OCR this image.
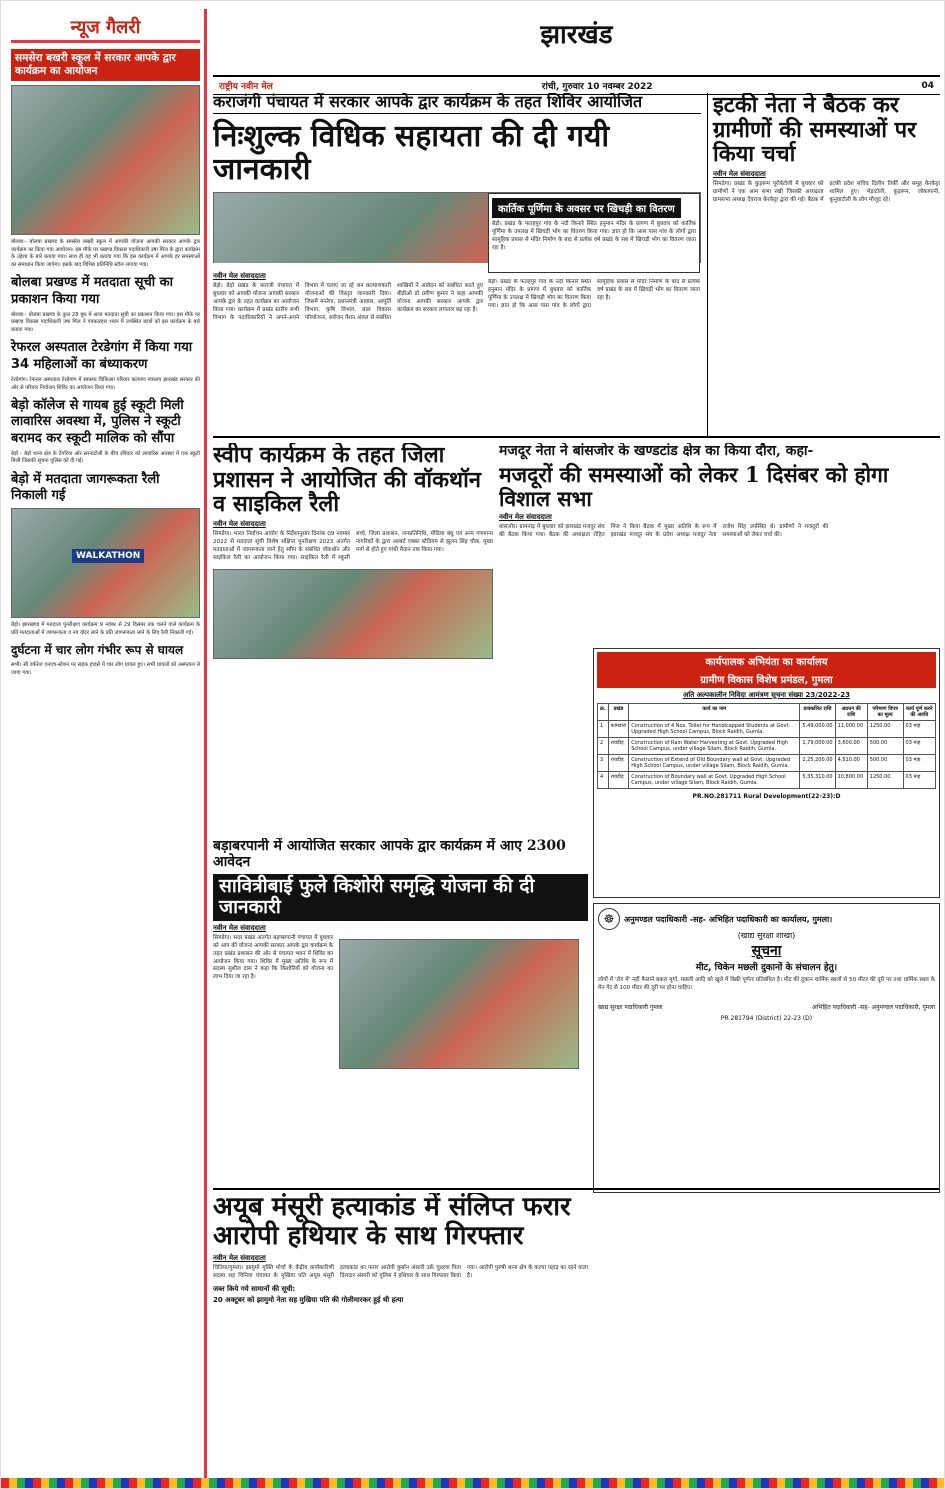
न्यूज गैलरी
समसेरा बखरी स्कूल में सरकार आपके द्वार कार्यक्रम का आयोजन
बोलबा:- बोलबा प्रखण्ड के समसेरा बखरी स्कूल में आपकी योजना आपकी सरकार आपके द्वार कार्यक्रम का किया गया आयोजन। इस मौके पर प्रखण्ड विकास पदाधिकारी उषा मिंज के द्वारा कार्यक्रम के उद्देश्य के बारे बताया गया। साथ ही यह भी बताया गया कि इस कार्यक्रम में आपके हर समस्याओं का समाधान किया जायेगा। इसके बाद विभिन्न प्रतिनिधि स्टॉल लगाया गया।
बोलबा प्रखण्ड में मतदाता सूची का प्रकाशन किया गया
बोलबा:- बोलबा प्रखण्ड के कुल 28 बूथ में आज मतदाता सूची का प्रकाशन किया गया। इस मौके पर प्रखण्ड विकास पदाधिकारी उषा मिंज ने पत्रकारहार भवन में उपस्थित छात्रों को इस कार्यक्रम के बारे बताया गया।
रेफरल अस्पताल टेरडेगांग में किया गया 34 महिलाओं का बंध्याकरण
टेरडेगांग। रेफरल अस्पताल टेरडेगांग में स्वास्थ्य चिकित्सा परिवार कल्याण मंत्रालय झारखंड सरकार की ओर से परिवार नियोजन शिविर का आयोजन किया गया।
बेड़ो कॉलेज से गायब हुई स्कूटी मिली लावारिस अवस्था में, पुलिस ने स्कूटी बरामद कर स्कूटी मालिक को सौंपा
बेड़ो - बेड़ो थाना क्षेत्र के टेंगरिया ओर सरनाटोली के बीच रविवार को लावारिस अवस्था में एक स्कूटी मिली जिसकी सूचना पुलिस को दी गई।
बेड़ो में मतदाता जागरूकता रैली निकाली गई
WALKATHON
बेड़ो। झारखण्ड में मतदाता पुनरीक्षण कार्यक्रम 9 नवंबर से 29 दिसंबर तक चलने वाले कार्यक्रम के प्रति मतदाताओं में जागरूकता व नव वोटर लाने के प्रति जागरूकता लाने के लिए रैली निकाली गई।
दुर्घटना में चार लोग गंभीर रूप से घायल
सभी। सी वर्करेज एनएच-स्टेशन पर सड़क हादसे में चार लोग घायल हुए। सभी घायलों को अस्पताल ले जाया गया।
झारखंड
राष्ट्रीय नवीन मेल	रांची, गुरुवार 10 नवम्बर 2022	04
कराजंगी पंचायत में सरकार आपके द्वार कार्यक्रम के तहत शिविर आयोजित
निःशुल्क विधिक सहायता की दी गयी जानकारी
कार्तिक पूर्णिमा के अवसर पर खिचड़ी का वितरण
बेड़ो। प्रखंड के फतहपुर गांव के नदी किनारे स्थित हनुमान मंदिर के प्रांगण में बुधवार को कार्तिक पूर्णिमा के उपलक्ष में खिचड़ी भोग का वितरण किया गया। ज्ञात हो कि आस पास गांव के लोगों द्वारा सामूहिक प्रयास से मंदिर निर्माण के बाद से प्रत्येक वर्ष प्रखंड के सब में खिचड़ी भोग का वितरण जाता रहा है।
नवीन मेल संवाददाता
बेड़ो। बेड़ो प्रखंड के कराजी पंचायत में बुधवार को आपकी योजना आपकी सरकार आपके द्वार के तहत कार्यक्रम का आयोजन किया गया। कार्यक्रम में प्रखंड स्तरीय सभी विभाग के पदाधिकारियों ने अपने-अपने विभाग में चलाए जा रहे जन कल्याणकारी योजनाओं की विस्तृत जानकारी दिया। जिसमें मनरेगा, प्रधानमंत्री आवास, आपूर्ति विभाग, कृषि विभाग, बाल विकास परियोजना, सर्वजन पेंशन अंचल से संबंधित शाखियों ने आवेदन को संबंधित करते हुए बीडीओ डॉ प्रवीण कुमार ने कहा आपकी योजना आपकी सरकार आपके द्वार कार्यक्रम का सरकार लगातार बढ़ रहा है।
बेड़ो। प्रखंड के फतहपुर गांव के नदी किनारे स्थित हनुमान मंदिर के प्रांगण में बुधवार को कार्तिक पूर्णिमा के उपलक्ष में खिचड़ी भोग का वितरण किया गया। ज्ञात हो कि आस पास गांव के लोगों द्वारा सामूहिक प्रयास से मंदिर निर्माण के बाद से प्रत्येक वर्ष प्रखंड के सब में खिचड़ी भोग का वितरण जाता रहा है।
इटकी नेता ने बैठक कर ग्रामीणों की समस्याओं पर किया चर्चा
नवीन मेल संवाददाता
सिमडेगा। प्रखंड के कुड़रूम पूरोबेटोली में बुधवार को ग्रामीणों ने एक आम सभा रखी जिसकी अध्यक्षता ग्रामसभा अध्यक्ष देवराज केरकेट्टा द्वारा की गई। बैठक में इटकी प्रदेश सचिव दिलीप तिर्की और समूह केरकेट्टा शामिल हुए। भेड़ाटोली, कुड़रूम, जोकापानी, कुनुवाटोली के लोग मौजूद रहे।
स्वीप कार्यक्रम के तहत जिला प्रशासन ने आयोजित की वॉकथॉन व साइकिल रैली
नवीन मेल संवाददाता
सिमडेगा। भारत निर्वाचन आयोग के निर्देशानुसार दिनांक 09 नवम्बर 2022 से मतदाता सूची विशेष संक्षिप्त पुनरीक्षण 2023 अंतर्गत मतदाताओं में जागरूकता लाने हेतु स्वीप के संबंधित वॉकथॉन और साइकिल रैली का आयोजन किया गया। साइकिल रैली में स्कूली बच्चे, जिला प्रशासन, जनप्रतिनिधि, मीडिया बंधु एवं अन्य गणमान्य नागरिकों के द्वारा अल्बर्ट एक्का स्टेडियम से झूलन सिंह चौक, मुख्य मार्ग से होते हुए गांधी मैदान तक किया गया।
मजदूर नेता ने बांसजोर के खण्डटांड क्षेत्र का किया दौरा, कहा-
मजदूरों की समस्याओं को लेकर 1 दिसंबर को होगा विशाल सभा
नवीन मेल संवाददाता
बांसजोर। ग्रामनांड़ में बुधवार को झारखंड मजदूर संघ की बैठक किया गया। बैठक की अध्यक्षता रोहित मिंज ने किया बैठक में मुख्य अतिथि के रूप में झारखंड मजदूर संघ के प्रदेश अध्यक्ष मजदूर नेता राजेश सिंह उपस्थित थे। ग्रामीणों ने मजदूरों की समस्याओं को लेकर चर्चा की।
कार्यपालक अभियंता का कार्यालय
ग्रामीण विकास विशेष प्रमंडल, गुमला
अति अल्पकालीन निविदा आमंत्रण सूचना संख्या 23/2022-23
क्र.	प्रखंड	कार्य का नाम	प्राक्कलित राशि	अग्रधन की राशि	परिमाण विपत्र का मूल्य	कार्य पूर्ण करने की अवधि
1	कामडारा	Construction of 4 Nos. Toilet for Handicapped Students at Govt. Upgraded High School Campus, Block Raidih, Gumla.	5,49,000.00	11,000.00	1250.00	03 माह
2	रायडीह	Construction of Rain Water Harvesting at Govt. Upgraded High School Campus, under village Silam, Block Raidih, Gumla.	1,79,000.00	3,600.00	500.00	03 माह
3	रायडीह	Construction of Extend of Old Boundary wall at Govt. Upgraded High School Campus, under village Silam, Block Raidih, Gumla.	2,25,200.00	4,510.00	500.00	03 माह
4	रायडीह	Construction of Boundary wall at Govt. Upgraded High School Campus, under village Silam, Block Raidih, Gumla.	5,35,310.00	10,800.00	1250.00	03 माह
PR.NO.281711 Rural Development(22-23):D
बड़ाबरपानी में आयोजित सरकार आपके द्वार कार्यक्रम में आए 2300 आवेदन
सावित्रीबाई फुले किशोरी समृद्धि योजना की दी जानकारी
नवीन मेल संवाददाता
सिमडेगा। सदर प्रखंड अंतर्गत बड़ाबरपानी पंचायत में बुधवार को आप की योजना आपकी सरकार आपके द्वार कार्यक्रम के तहत प्रखंड प्रशासन की ओर से पंचायत भवन में शिविर का आयोजन किया गया। शिविर में मुख्य अतिथि के रूप में सदस्य सुशील दास ने कहा कि किशोरियों को योजना का लाभ दिया जा रहा है।
अयूब मंसूरी हत्याकांड में संलिप्त फरार आरोपी हथियार के साथ गिरफ्तार
नवीन मेल संवाददाता
चितिया/गुमला। झामुमो मुक्ति मोर्चा के केंद्रीय कार्यकारिणी सदस्य सह चिनिया पंचायत के मुखिया पति अयूब मंसूरी हत्याकांड का फरार आरोपी कुर्बान अंसारी उर्फ़ चुल्हवा पिता दिलदार अंसारी को पुलिस ने हथियार के साथ गिरफ्तार किया गया। आरोपी पुरुषी थाना क्षेत्र के करचा पहाड़ का रहने वाला है।
जब्त किये गये सामानों की सूची:
20 अक्टूबर को झामुमो नेता सह मुखिया पति की गोलीमारकर हुई थी हत्या
☸	अनुमण्डल पदाधिकारी -सह- अभिहित पदाधिकारी का कार्यालय, गुमला।
(खाद्य सुरक्षा शाखा)
सूचना
मीट, चिकेन मछली दुकानों के संचालन हेतु।
लोगों में 'रोग में' नहीं फैलाने बकरा मुर्गा, मछली आदि को खुले में बिक्री पूर्णतः प्रतिबंधित है। मीट की दुकान धार्मिक स्थलों से 50 मीटर की दूरी पर तथा धार्मिक स्थल के मेन गेट से 100 मीटर की दूरी पर होना चाहिए।
खाद्य सुरक्षा पदाधिकारी गुमला	अभिहित पदाधिकारी -सह- अनुमण्डल पदाधिकारी, गुमला
PR 281794 (District) 22-23 (D)
